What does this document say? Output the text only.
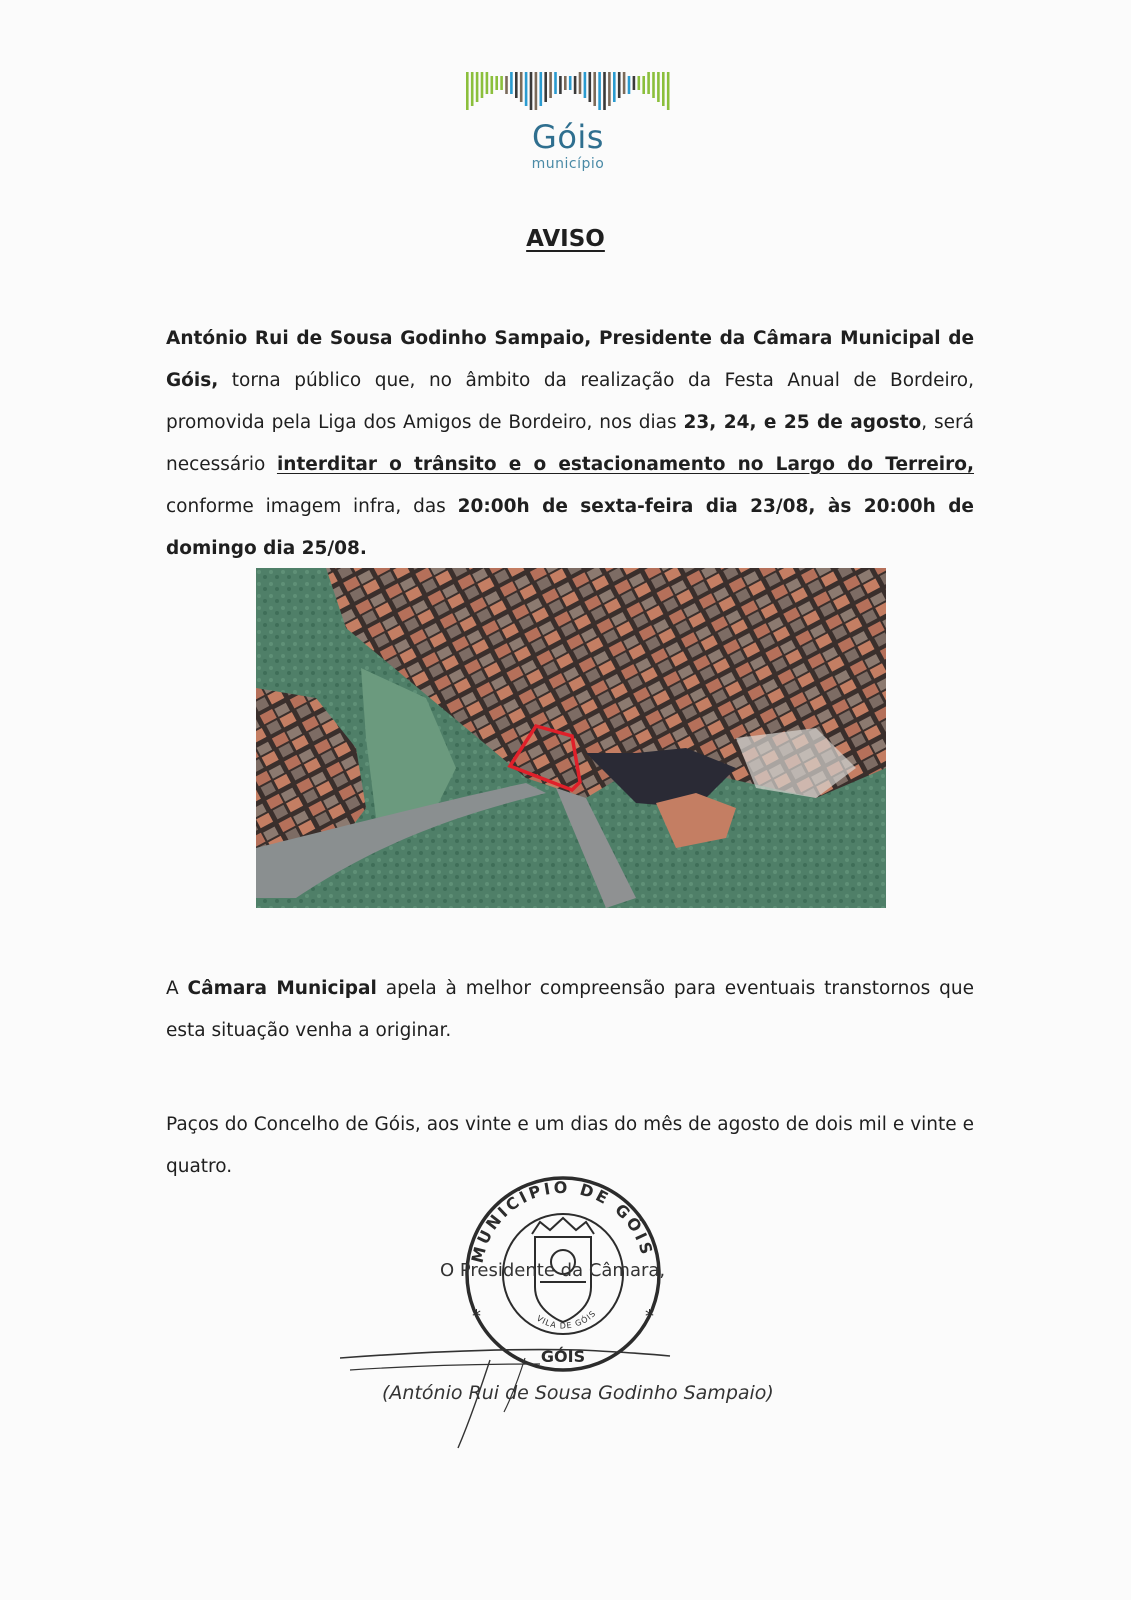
Góis
município
AVISO
António Rui de Sousa Godinho Sampaio, Presidente da Câmara Municipal de Góis, torna público que, no âmbito da realização da Festa Anual de Bordeiro, promovida pela Liga dos Amigos de Bordeiro, nos dias 23, 24, e 25 de agosto, será necessário interditar o trânsito e o estacionamento no Largo do Terreiro, conforme imagem infra, das 20:00h de sexta-feira dia 23/08, às 20:00h de domingo dia 25/08.
A Câmara Municipal apela à melhor compreensão para eventuais transtornos que esta situação venha a originar.
Paços do Concelho de Góis, aos vinte e um dias do mês de agosto de dois mil e vinte e quatro.
*	*
GÓIS
MUNICÍPIO DE GÓIS
VILA DE GÓIS
O Presidente da Câmara,
(António Rui de Sousa Godinho Sampaio)
